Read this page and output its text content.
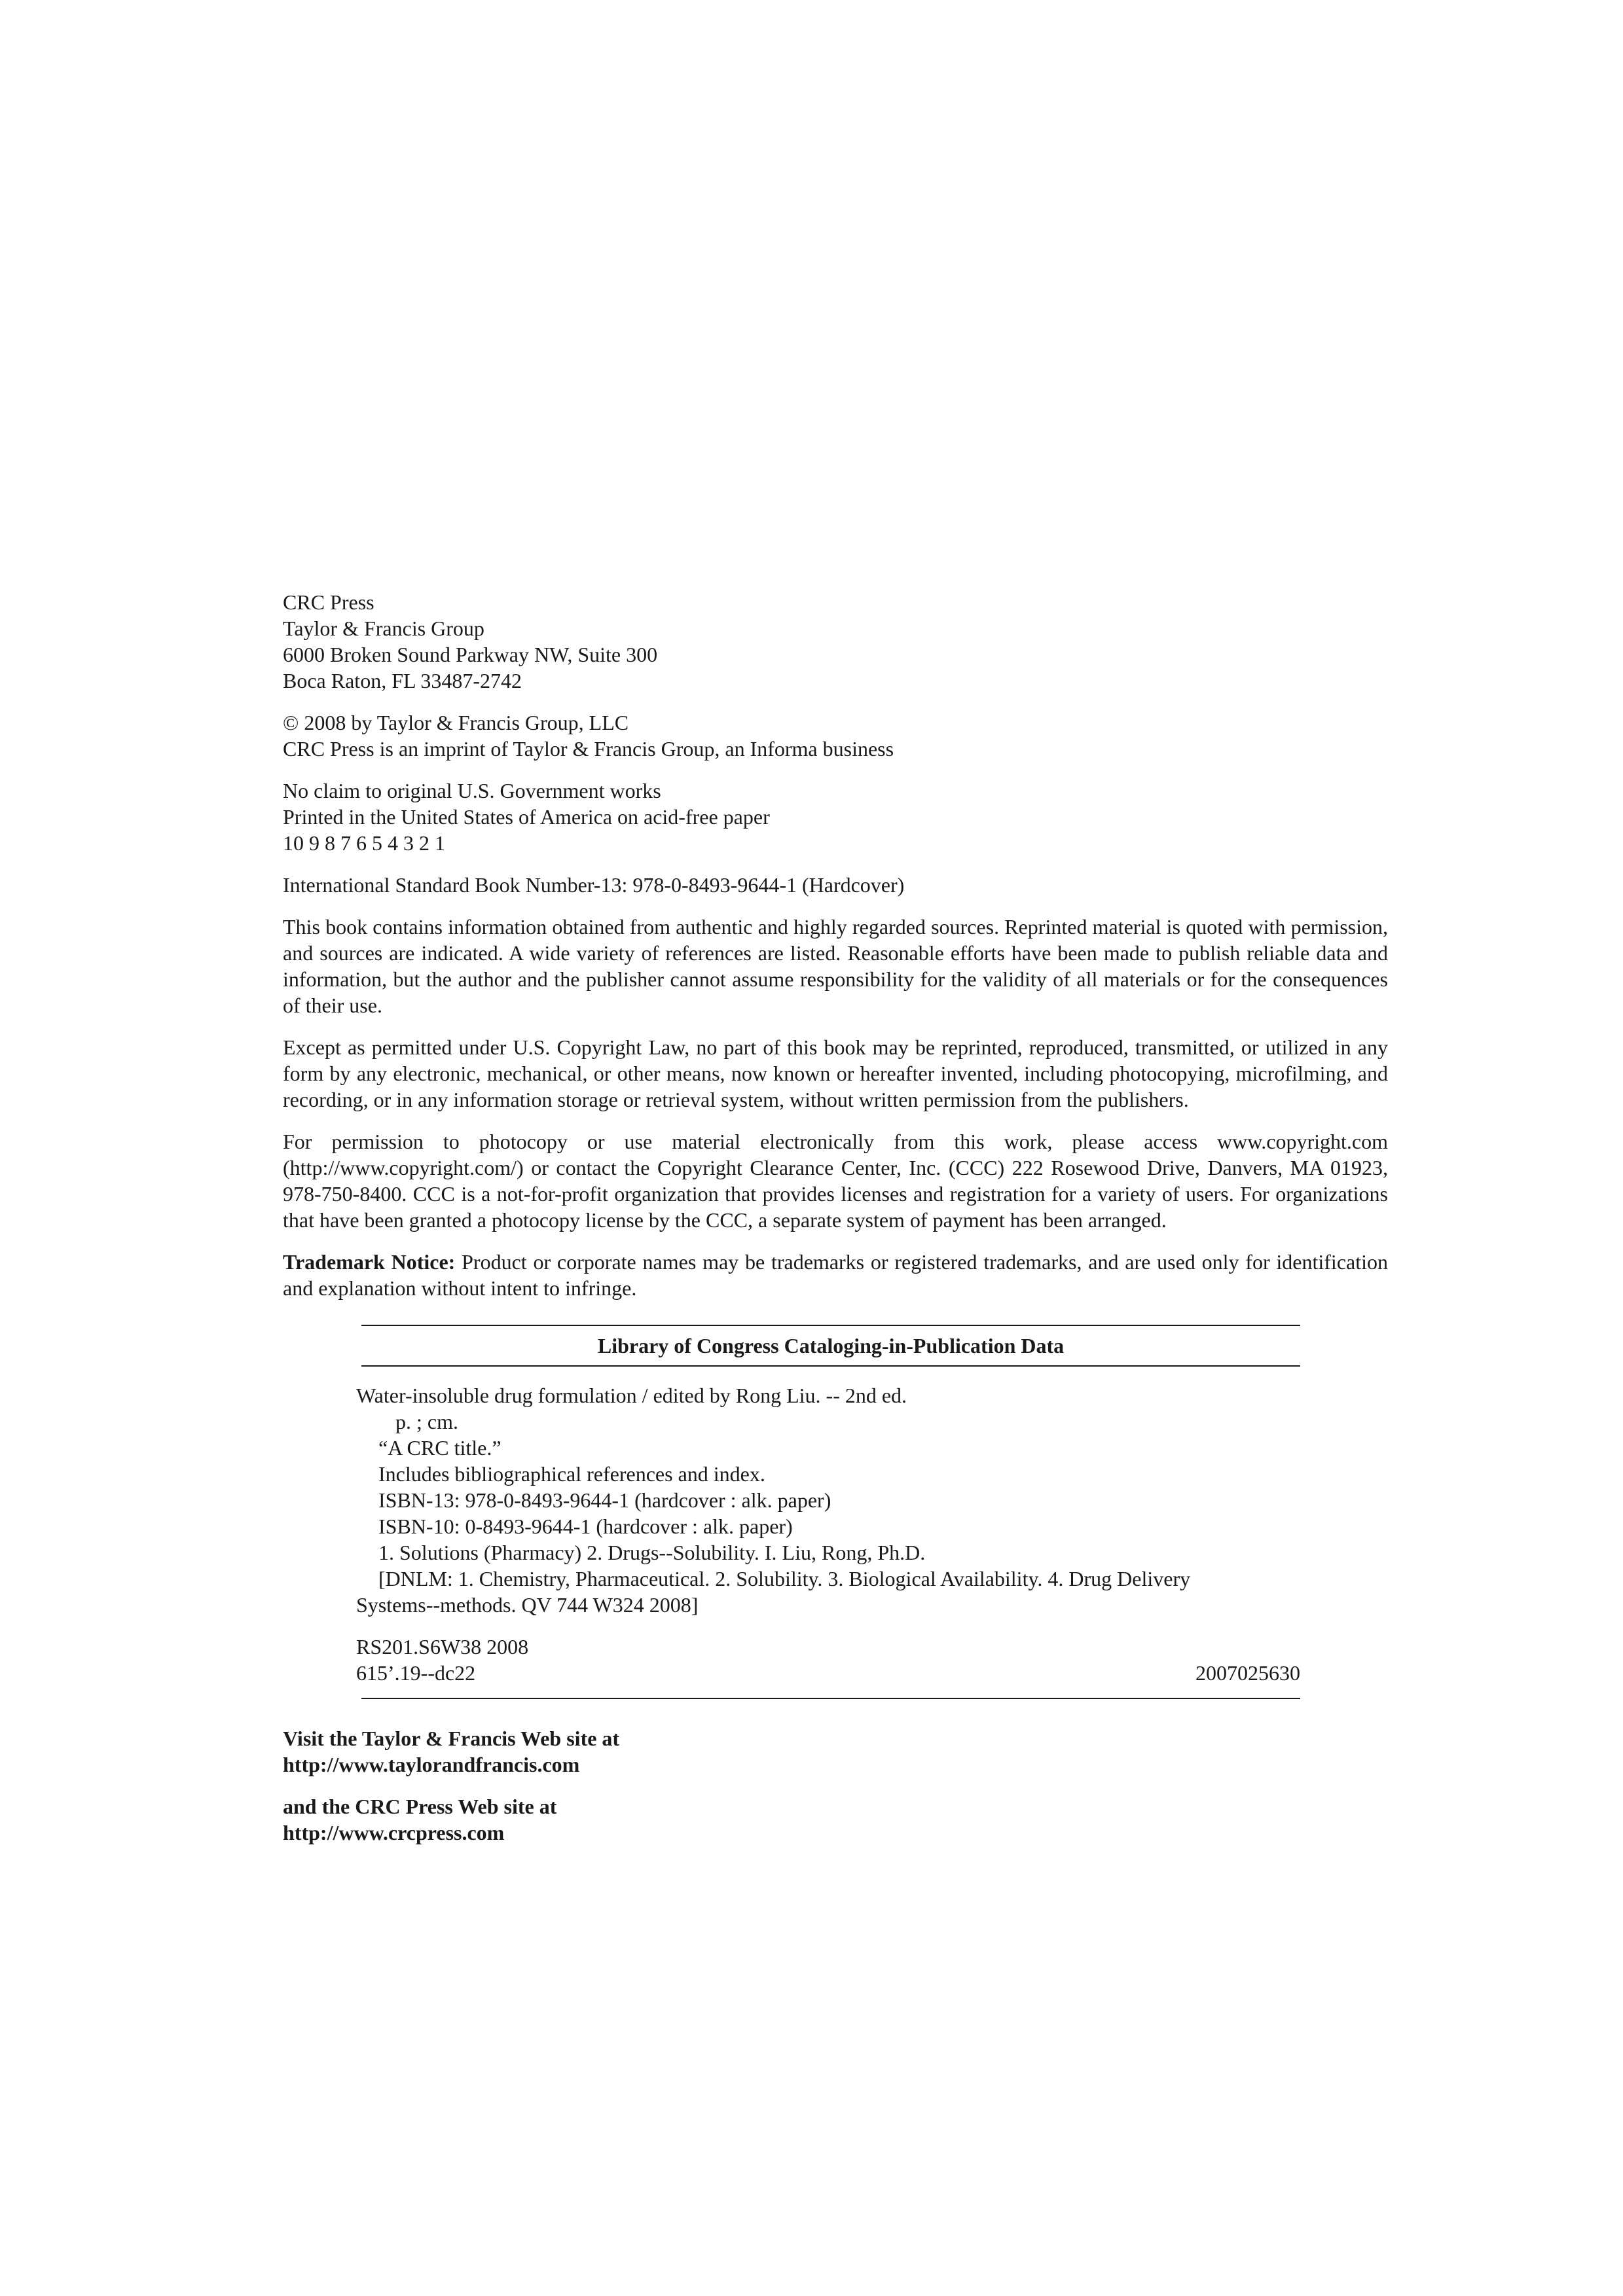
CRC Press
Taylor & Francis Group
6000 Broken Sound Parkway NW, Suite 300
Boca Raton, FL 33487-2742
© 2008 by Taylor & Francis Group, LLC
CRC Press is an imprint of Taylor & Francis Group, an Informa business
No claim to original U.S. Government works
Printed in the United States of America on acid-free paper
10 9 8 7 6 5 4 3 2 1
International Standard Book Number-13: 978-0-8493-9644-1 (Hardcover)
This book contains information obtained from authentic and highly regarded sources. Reprinted material is quoted with permission, and sources are indicated. A wide variety of references are listed. Reasonable efforts have been made to publish reliable data and information, but the author and the publisher cannot assume responsibility for the validity of all materials or for the consequences of their use.
Except as permitted under U.S. Copyright Law, no part of this book may be reprinted, reproduced, transmitted, or utilized in any form by any electronic, mechanical, or other means, now known or hereafter invented, including photocopying, microfilming, and recording, or in any information storage or retrieval system, without written permission from the publishers.
For permission to photocopy or use material electronically from this work, please access www.copyright.com (http://www.copyright.com/) or contact the Copyright Clearance Center, Inc. (CCC) 222 Rosewood Drive, Danvers, MA 01923, 978-750-8400. CCC is a not-for-profit organization that provides licenses and registration for a variety of users. For organizations that have been granted a photocopy license by the CCC, a separate system of payment has been arranged.
Trademark Notice: Product or corporate names may be trademarks or registered trademarks, and are used only for identification and explanation without intent to infringe.
Library of Congress Cataloging-in-Publication Data
Water-insoluble drug formulation / edited by Rong Liu. -- 2nd ed.
p. ; cm.
“A CRC title.”
Includes bibliographical references and index.
ISBN-13: 978-0-8493-9644-1 (hardcover : alk. paper)
ISBN-10: 0-8493-9644-1 (hardcover : alk. paper)
1. Solutions (Pharmacy) 2. Drugs--Solubility. I. Liu, Rong, Ph.D.
[DNLM: 1. Chemistry, Pharmaceutical. 2. Solubility. 3. Biological Availability. 4. Drug Delivery
Systems--methods. QV 744 W324 2008]
RS201.S6W38 2008
615’.19--dc22	2007025630
Visit the Taylor & Francis Web site at
http://www.taylorandfrancis.com
and the CRC Press Web site at
http://www.crcpress.com
